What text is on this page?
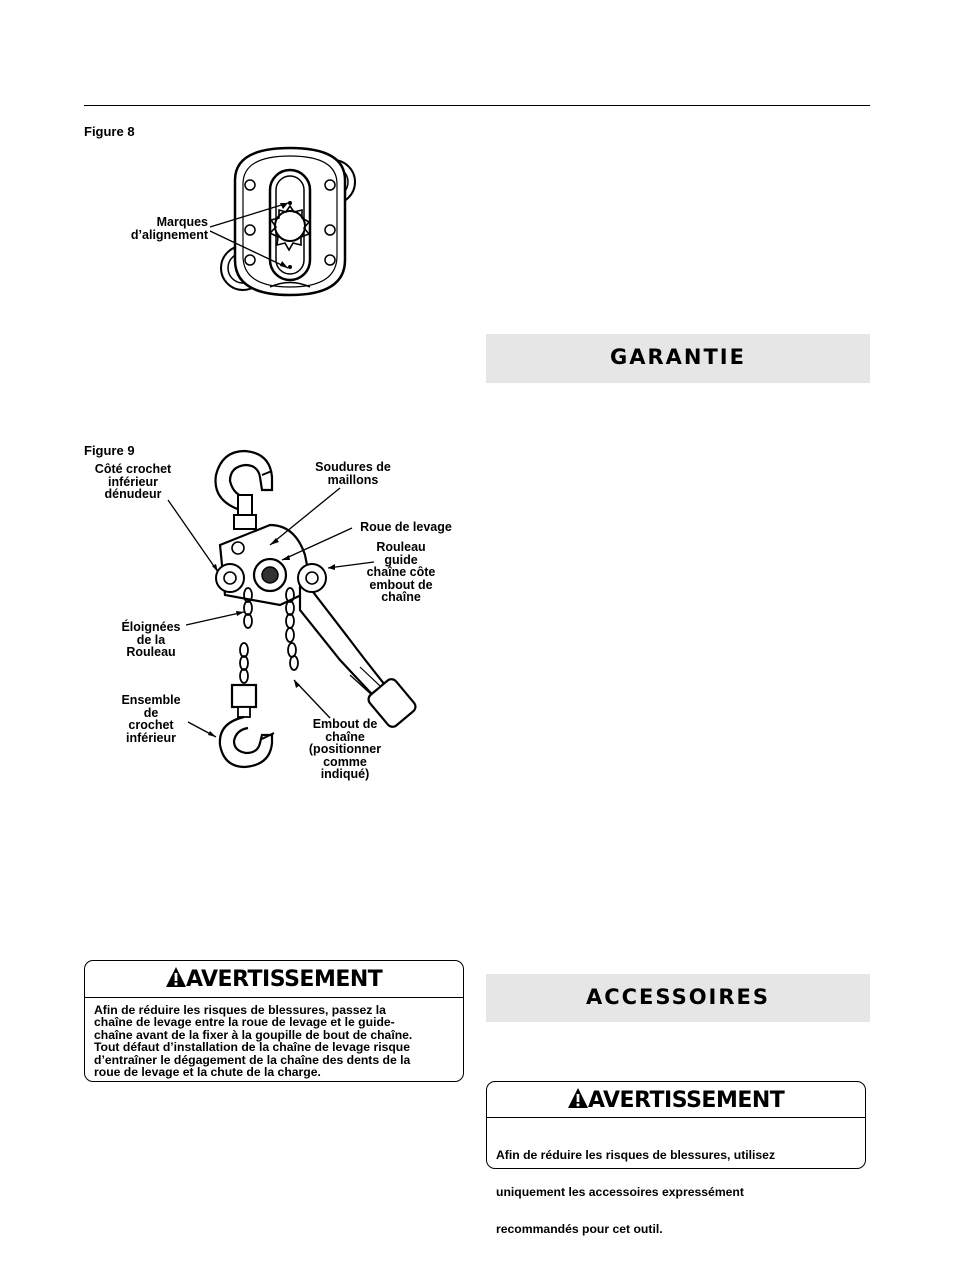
Figure 8
Marques
d’alignement
GARANTIE
Figure 9
Côté crochet
inférieur
dénudeur
Soudures de
maillons
Roue de levage
Rouleau
guide
chaîne côte
embout de
chaîne
Éloignées
de la
Rouleau
Ensemble
de
crochet
inférieur
Embout de
chaîne
(positionner
comme
indiqué)
AVERTISSEMENT
Afin de réduire les risques de blessures, passez la
chaîne de levage entre la roue de levage et le guide-
chaîne avant de la fixer à la goupille de bout de chaîne.
Tout défaut d’installation de la chaîne de levage risque
d’entraîner le dégagement de la chaîne des dents de la
roue de levage et la chute de la charge.
ACCESSOIRES
AVERTISSEMENT

Afin de réduire les risques de blessures, utilisez

uniquement les accessoires expressément

recommandés pour cet outil.
